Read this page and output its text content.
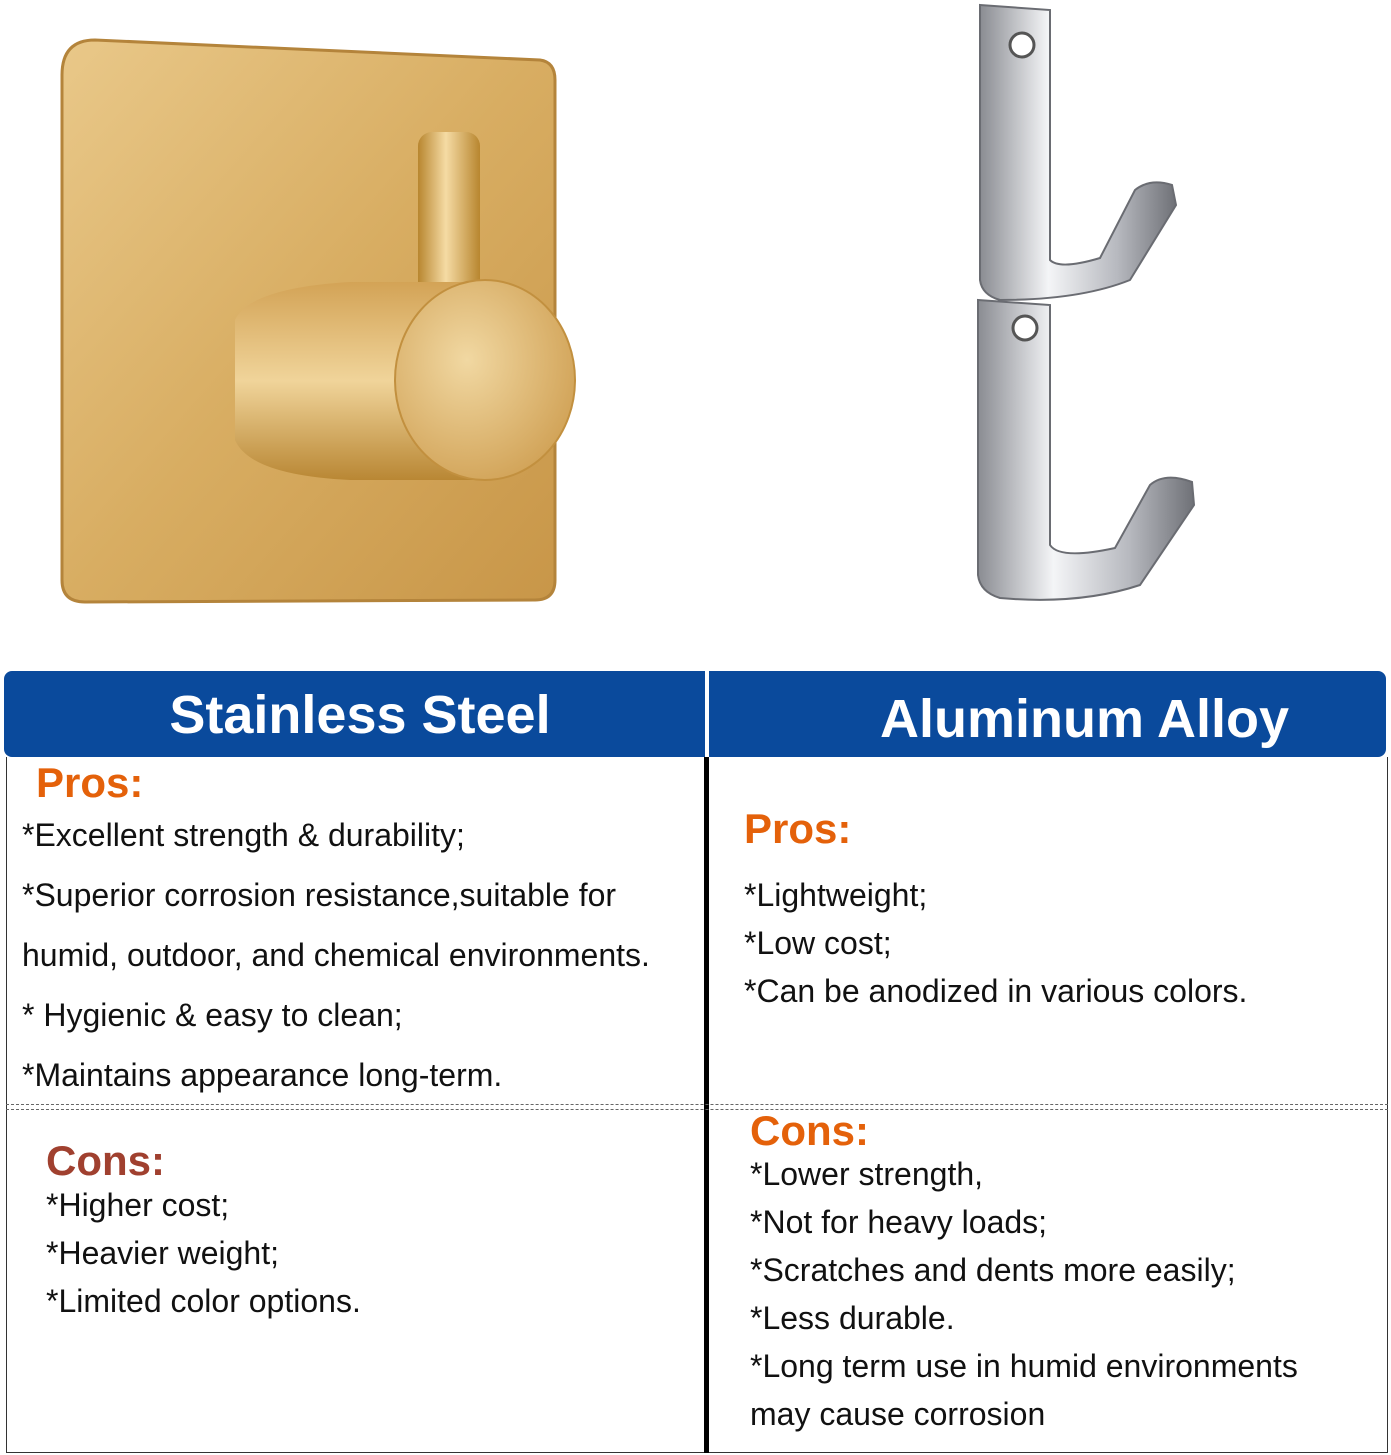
Stainless Steel	Aluminum Alloy
Pros:
*Excellent strength & durability;
*Superior corrosion resistance,suitable for
humid, outdoor, and chemical environments.
* Hygienic & easy to clean;
*Maintains appearance long-term.
Cons:
*Higher cost;
*Heavier weight;
*Limited color options.
Pros:
*Lightweight;
*Low cost;
*Can be anodized in various colors.
Cons:
*Lower strength,
*Not for heavy loads;
*Scratches and dents more easily;
*Less durable.
*Long term use in humid environments
may cause corrosion
